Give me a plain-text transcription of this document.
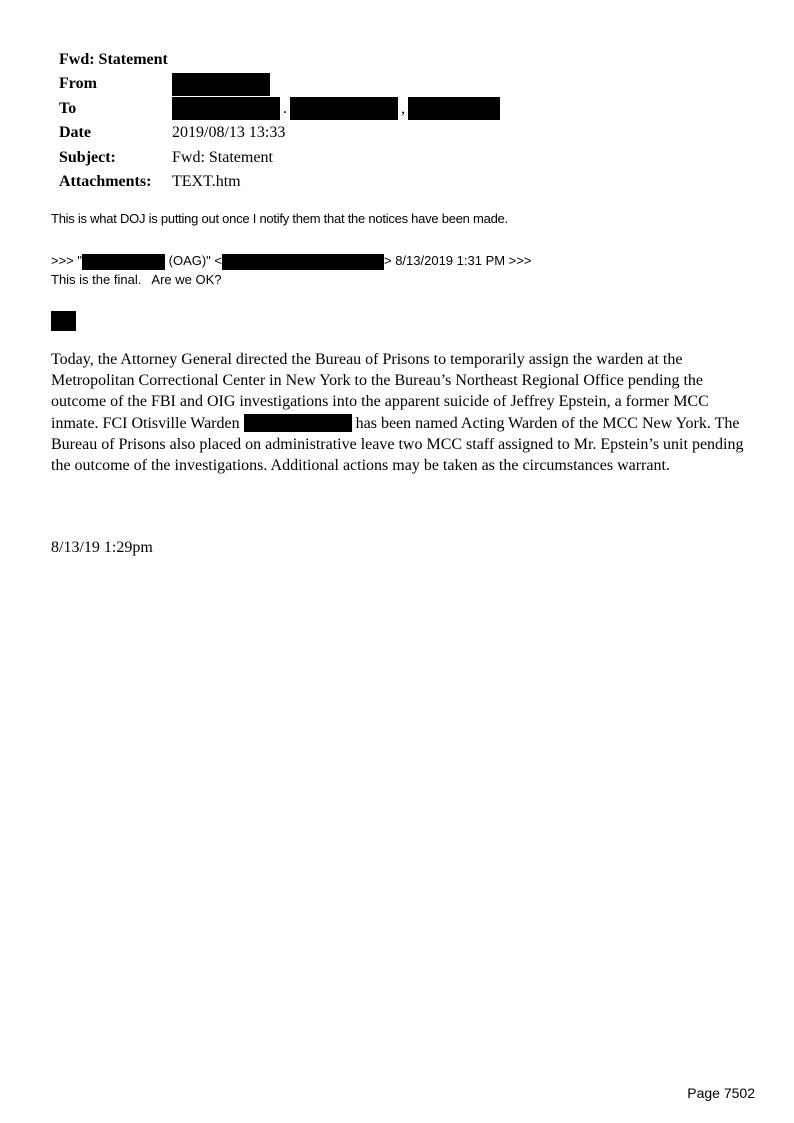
Fwd: Statement
From
To	.	,
Date	2019/08/13 13:33
Subject:	Fwd: Statement
Attachments: TEXT.htm
This is what DOJ is putting out once I notify them that the notices have been made.
>>> "	(OAG)" <	> 8/13/2019 1:31 PM >>>
This is the final.   Are we OK?

Today, the Attorney General directed the Bureau of Prisons to temporarily assign the warden at the Metropolitan Correctional Center in New York to the Bureau’s Northeast Regional Office pending the outcome of the FBI and OIG investigations into the apparent suicide of Jeffrey Epstein, a former MCC inmate. FCI Otisville Warden	has been named Acting Warden of the MCC New York. The Bureau of Prisons also placed on administrative leave two MCC staff assigned to Mr. Epstein’s unit pending the outcome of the investigations. Additional actions may be taken as the circumstances warrant.

8/13/19 1:29pm
Page 7502
